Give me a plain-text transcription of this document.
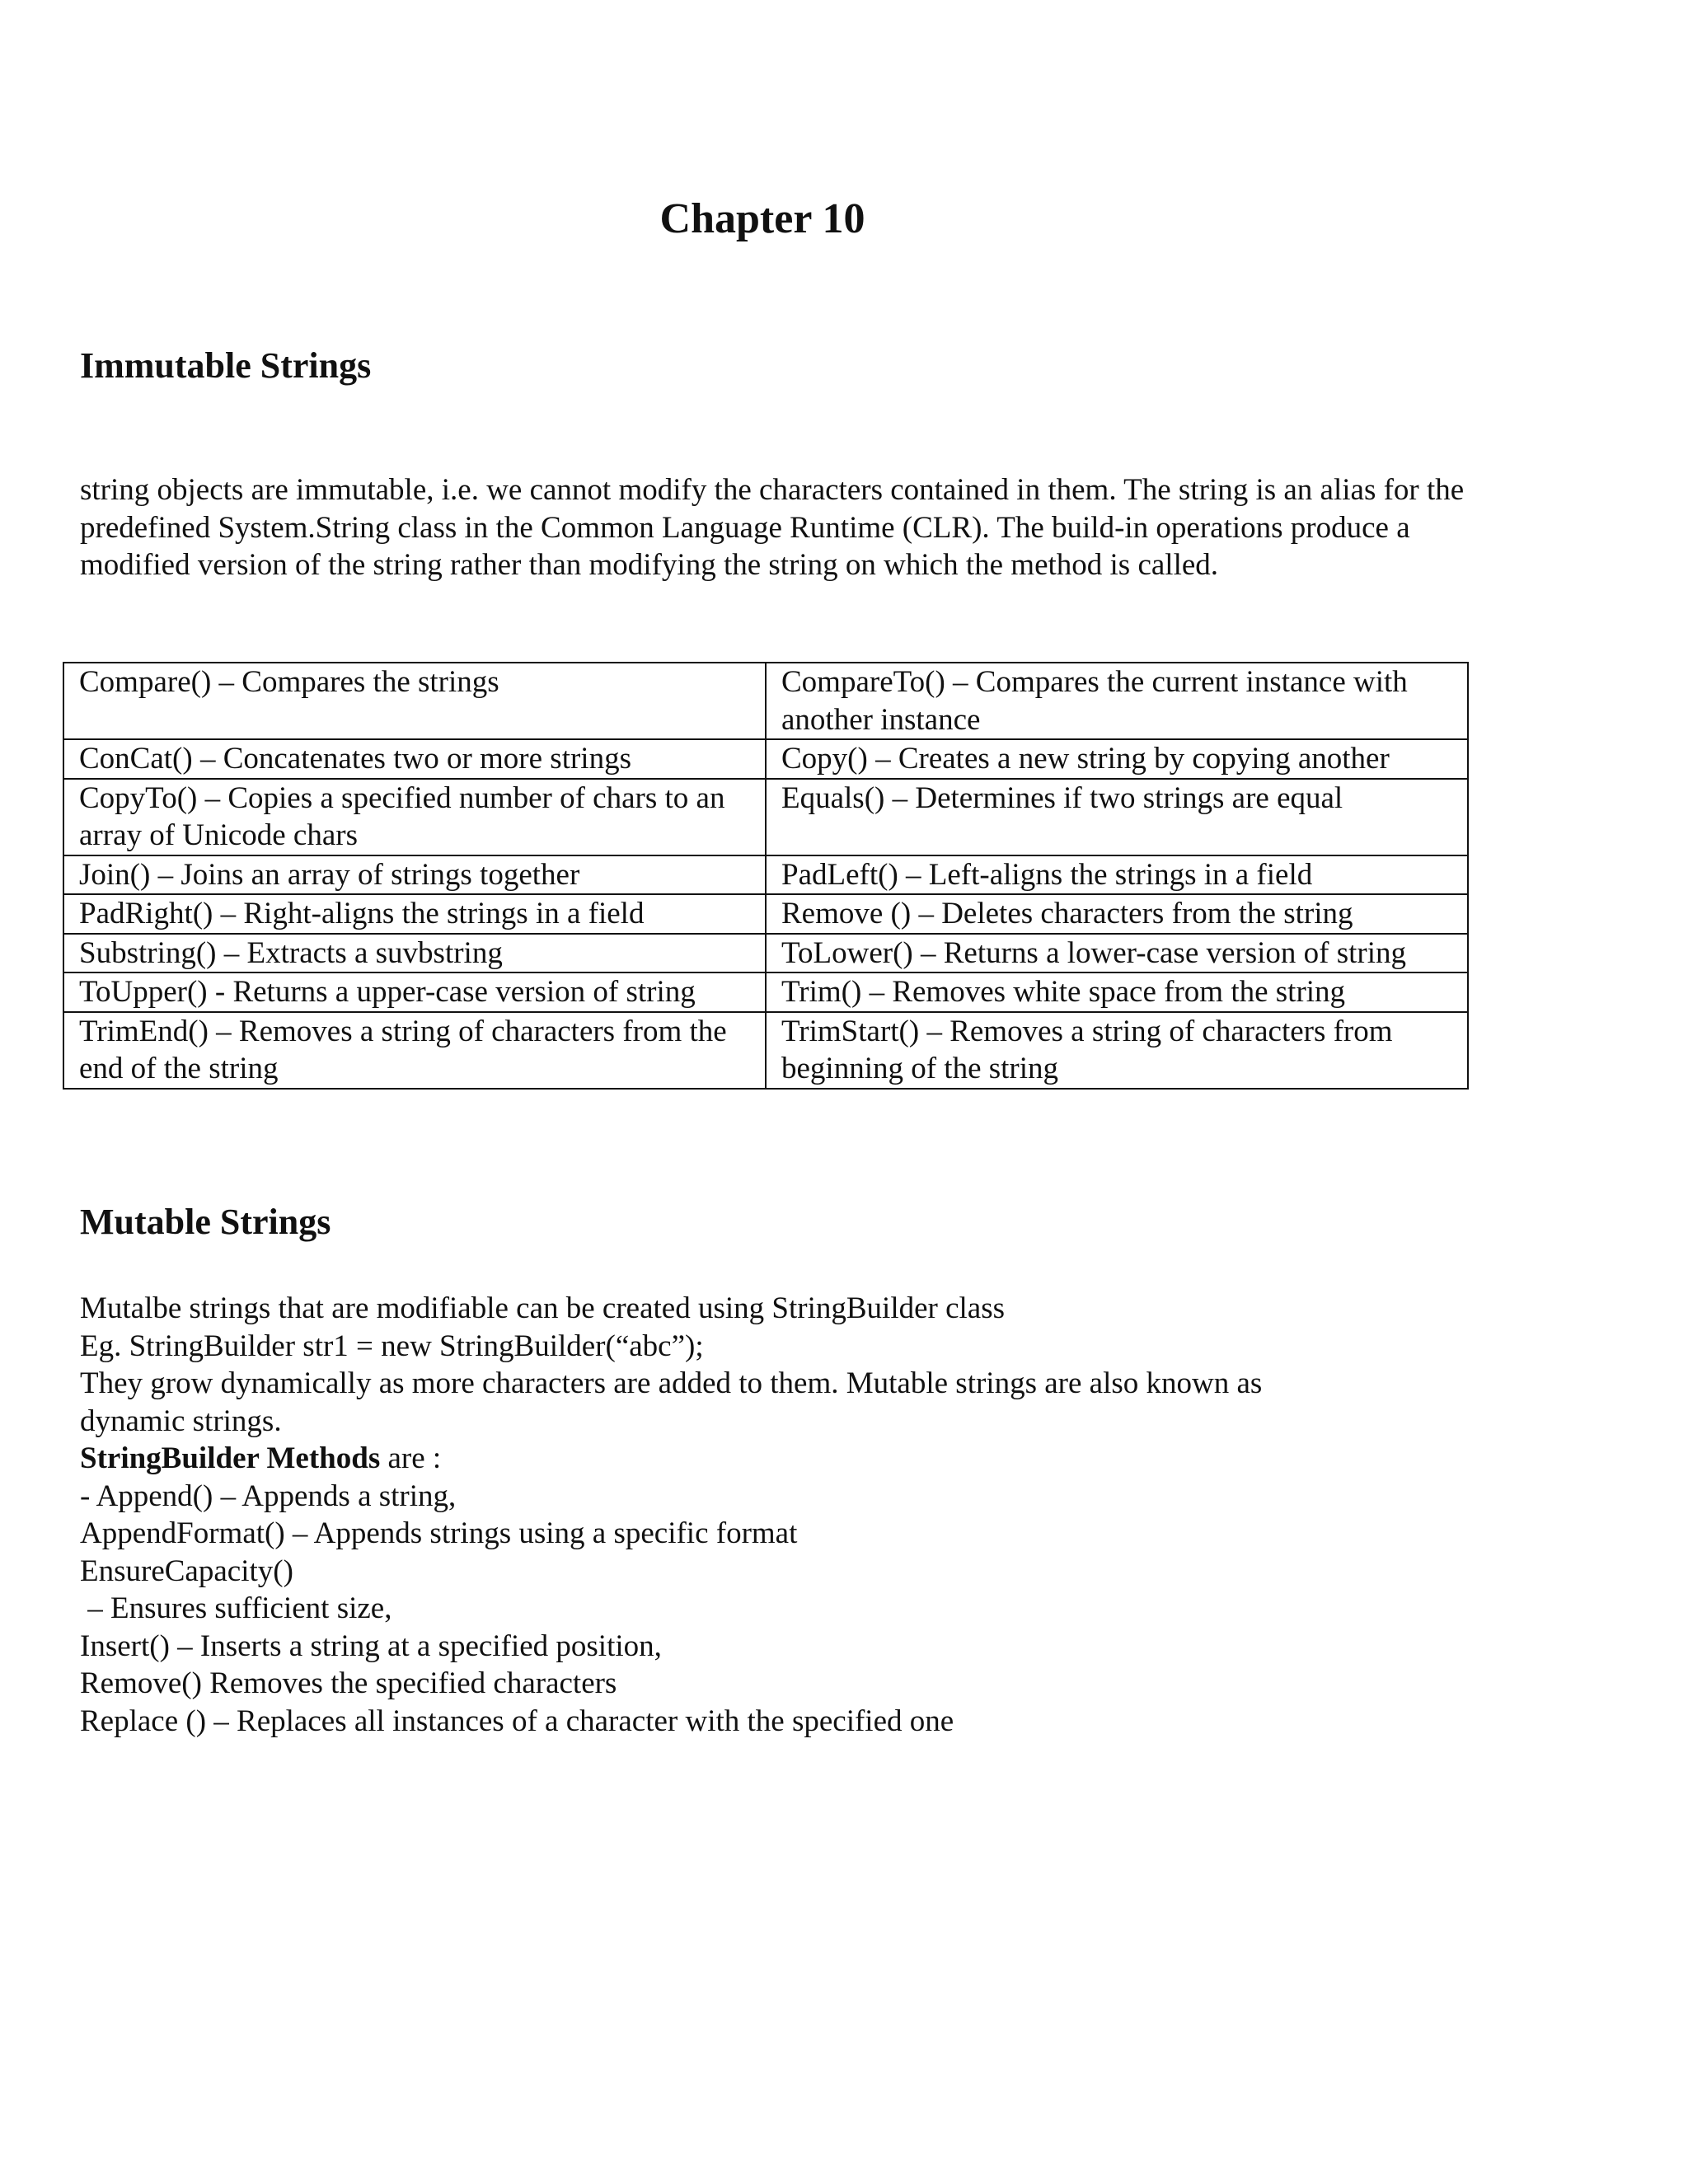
Chapter 10
Immutable Strings

string objects are immutable, i.e. we cannot modify the characters contained in them. The string is an alias for the predefined System.String class in the Common Language Runtime (CLR). The build-in operations produce a modified version of the string rather than modifying the string on which the method is called.

Compare() – Compares the strings	CompareTo() – Compares the current instance with another instance
ConCat() – Concatenates two or more strings	Copy() – Creates a new string by copying another
CopyTo() – Copies a specified number of chars to an array of Unicode chars	Equals() – Determines if two strings are equal
Join() – Joins an array of strings together	PadLeft() – Left-aligns the strings in a field
PadRight() – Right-aligns the strings in a field	Remove () – Deletes characters from the string
Substring() – Extracts a suvbstring	ToLower() – Returns a lower-case version of string
ToUpper() - Returns a upper-case version of string	Trim() – Removes white space from the string
TrimEnd() – Removes a string of characters from the end of the string	TrimStart() – Removes a string of characters from beginning of the string
Mutable Strings
Mutalbe strings that are modifiable can be created using StringBuilder class
Eg. StringBuilder str1 = new StringBuilder(“abc”);
They grow dynamically as more characters are added to them. Mutable strings are also known as
dynamic strings.
StringBuilder Methods are :
- Append() – Appends a string,
AppendFormat() – Appends strings using a specific format
EnsureCapacity()
– Ensures sufficient size,
Insert() – Inserts a string at a specified position,
Remove() Removes the specified characters
Replace () – Replaces all instances of a character with the specified one
